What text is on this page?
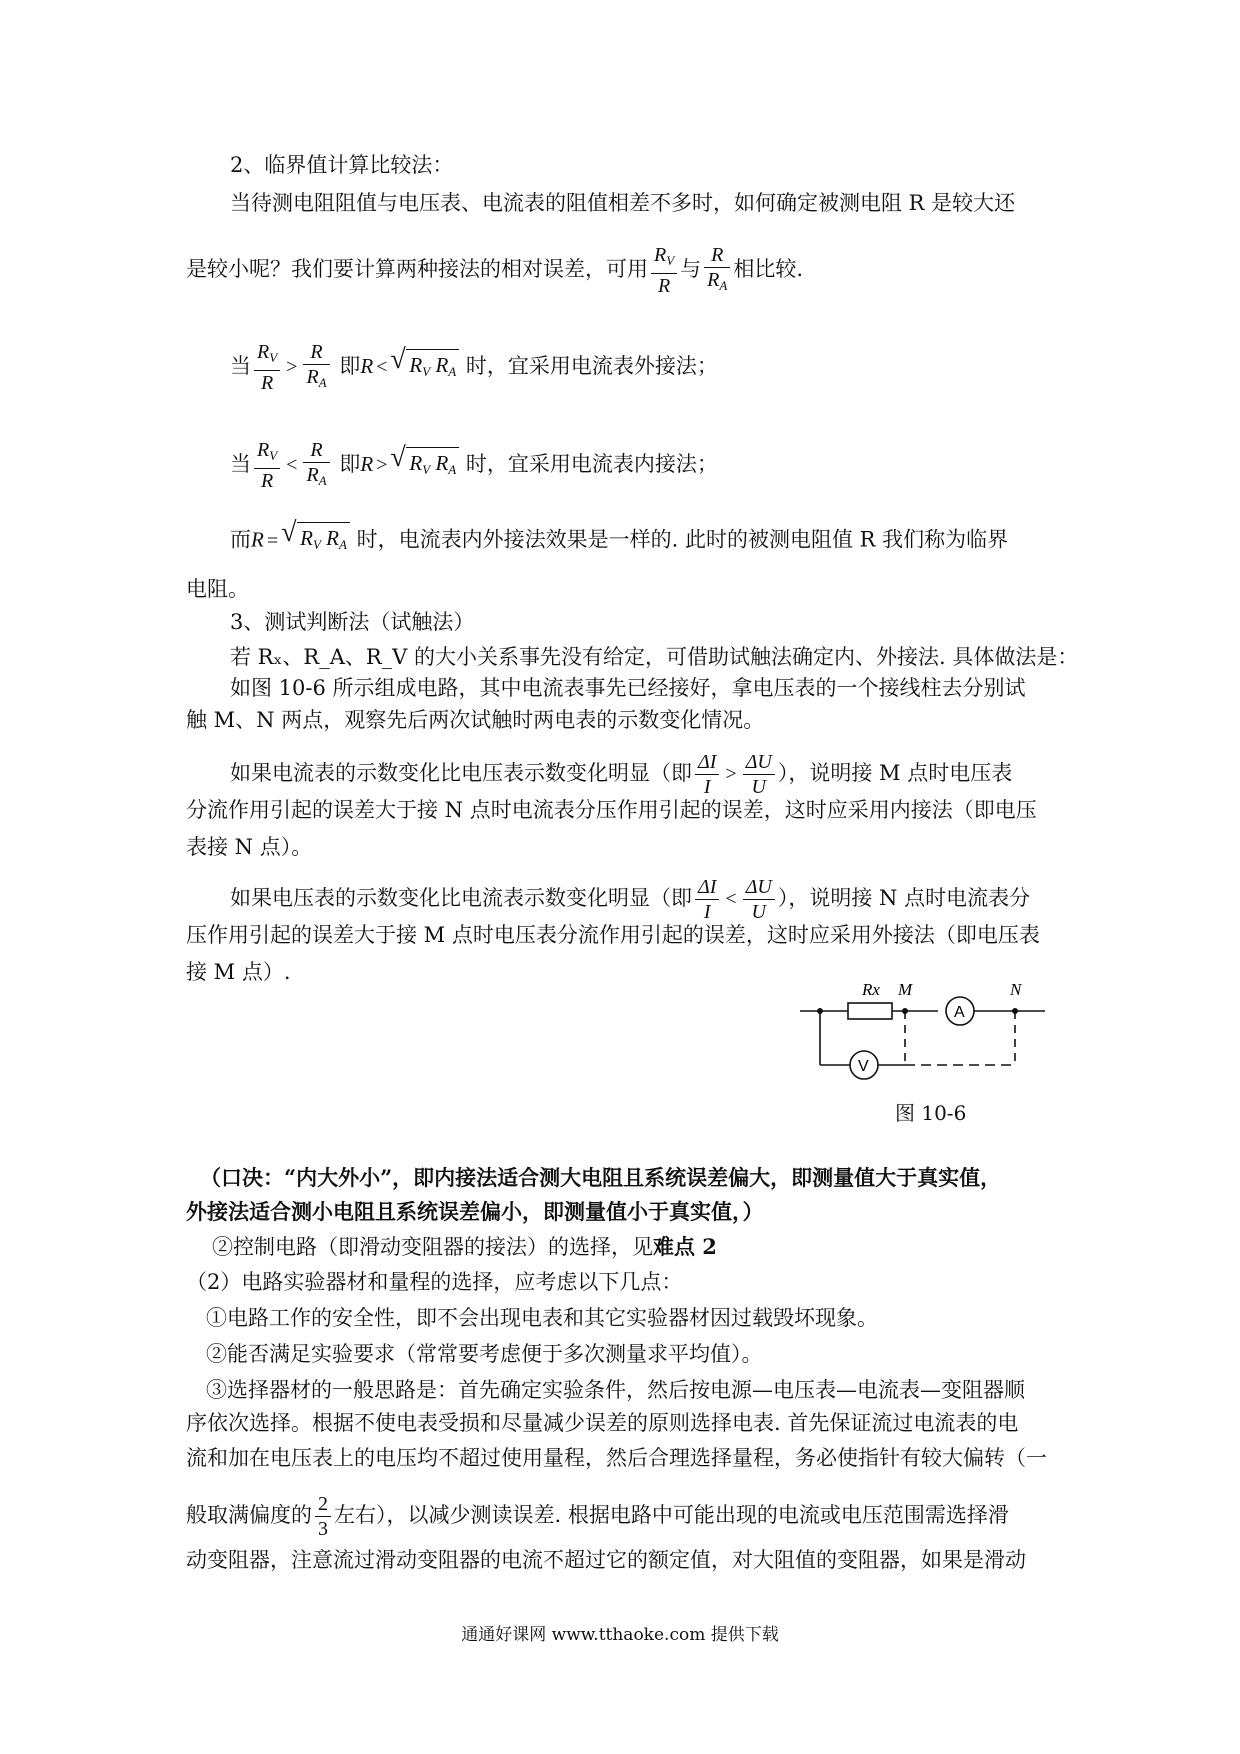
2、临界值计算比较法：
当待测电阻阻值与电压表、电流表的阻值相差不多时，如何确定被测电阻 R 是较大还
是较小呢？我们要计算两种接法的相对误差，可用 $\frac{R_V}{R}$ 与 $\frac{R}{R_A}$ 相比较.
当 $\frac{R_V}{R} > \frac{R}{R_A}$ 即R < √ $R_V$ $R_A$ 时，宜采用电流表外接法；
当 $\frac{R_V}{R} < \frac{R}{R_A}$ 即R > √ $R_V$ $R_A$ 时，宜采用电流表内接法；
而R = √ $R_V$ $R_A$ 时，电流表内外接法效果是一样的. 此时的被测电阻值 R 我们称为临界
电阻。
3、测试判断法（试触法）
若 Rₓ、R_A、R_V 的大小关系事先没有给定，可借助试触法确定内、外接法. 具体做法是：
如图 10-6 所示组成电路，其中电流表事先已经接好，拿电压表的一个接线柱去分别试
触 M、N 两点，观察先后两次试触时两电表的示数变化情况。
如果电流表的示数变化比电压表示数变化明显（即 $\frac{\Delta I}{I} > \frac{\Delta U}{U}$ ），说明接 M 点时电压表
分流作用引起的误差大于接 N 点时电流表分压作用引起的误差，这时应采用内接法（即电压
表接 N 点）。
如果电压表的示数变化比电流表示数变化明显（即 $\frac{\Delta I}{I} < \frac{\Delta U}{U}$ ），说明接 N 点时电流表分
压作用引起的误差大于接 M 点时电压表分流作用引起的误差，这时应采用外接法（即电压表
接 M 点）.
Rx M	N
A
V
图 10-6
（口决：“内大外小”，即内接法适合测大电阻且系统误差偏大，即测量值大于真实值，
外接法适合测小电阻且系统误差偏小，即测量值小于真实值，）
②控制电路（即滑动变阻器的接法）的选择，见难点 2
（2）电路实验器材和量程的选择，应考虑以下几点：
①电路工作的安全性，即不会出现电表和其它实验器材因过载毁坏现象。
②能否满足实验要求（常常要考虑便于多次测量求平均值）。
③选择器材的一般思路是：首先确定实验条件，然后按电源—电压表—电流表—变阻器顺
序依次选择。根据不使电表受损和尽量减少误差的原则选择电表. 首先保证流过电流表的电
流和加在电压表上的电压均不超过使用量程，然后合理选择量程，务必使指针有较大偏转（一
般取满偏度的 $\frac{2}{3}$ 左右），以减少测读误差. 根据电路中可能出现的电流或电压范围需选择滑
动变阻器，注意流过滑动变阻器的电流不超过它的额定值，对大阻值的变阻器，如果是滑动
通通好课网 www.tthaoke.com 提供下载
